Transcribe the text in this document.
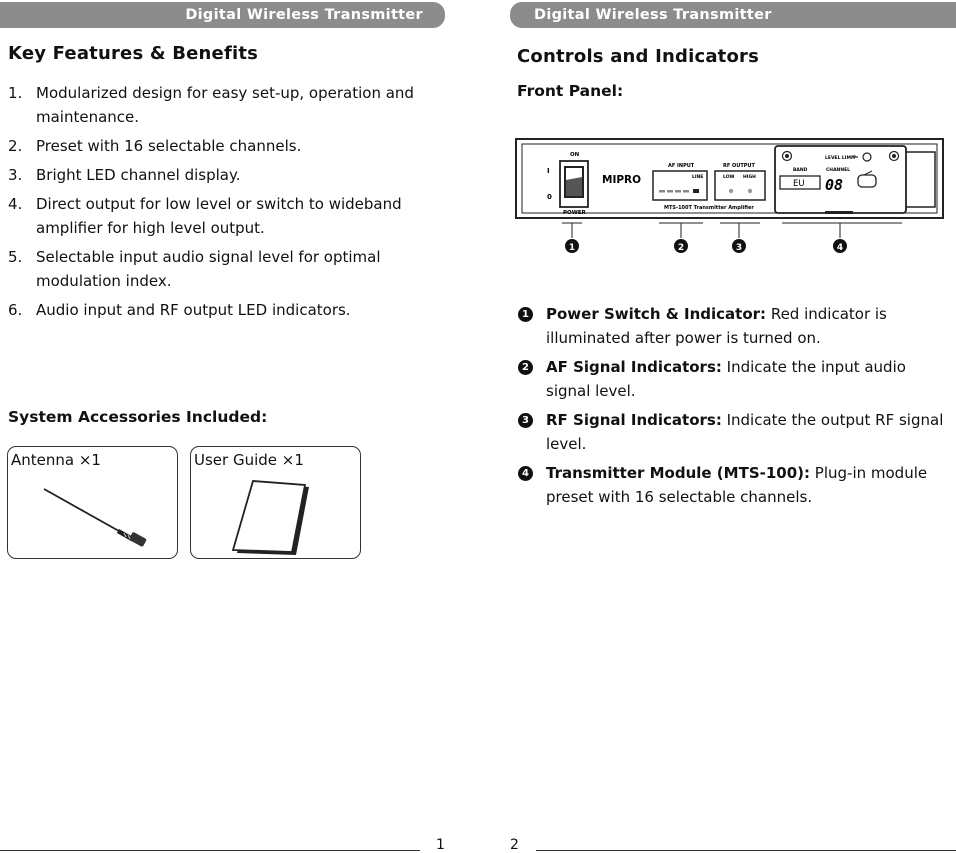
Digital Wireless Transmitter
Key Features & Benefits
1. Modularized design for easy set-up, operation and maintenance.
2. Preset with 16 selectable channels.
3. Bright LED channel display.
4. Direct output for low level or switch to wideband amplifier for high level output.
5. Selectable input audio signal level for optimal modulation index.
6. Audio input and RF output LED indicators.
System Accessories Included:
Antenna ×1	User Guide ×1
1
Digital Wireless Transmitter
Controls and Indicators
Front Panel:
ON
I
0
POWER
MIPRO
AF INPUT
LINE
RF OUTPUT
LOW HIGH
MTS-100T Transmitter Amplifier
LEVEL LIMIT
BAND	CHANNEL
EU 08
1	2	3	4
1 Power Switch & Indicator: Red indicator is illuminated after power is turned on.
2 AF Signal Indicators: Indicate the input audio signal level.
3 RF Signal Indicators: Indicate the output RF signal level.
4 Transmitter Module (MTS-100): Plug-in module preset with 16 selectable channels.
2
